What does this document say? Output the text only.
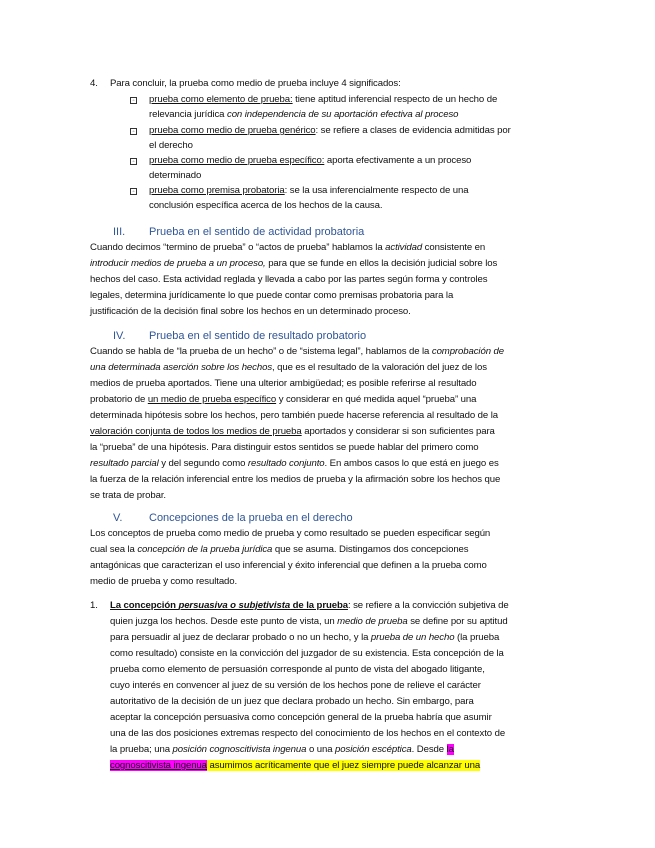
4. Para concluir, la prueba como medio de prueba incluye 4 significados:
▫ prueba como elemento de prueba: tiene aptitud inferencial respecto de un hecho de
relevancia jurídica con independencia de su aportación efectiva al proceso
▫ prueba como medio de prueba genérico: se refiere a clases de evidencia admitidas por
el derecho
▫ prueba como medio de prueba específico: aporta efectivamente a un proceso
determinado
▫ prueba como premisa probatoria: se la usa inferencialmente respecto de una
conclusión específica acerca de los hechos de la causa.
III. Prueba en el sentido de actividad probatoria
Cuando decimos “termino de prueba” o “actos de prueba” hablamos la actividad consistente en
introducir medios de prueba a un proceso, para que se funde en ellos la decisión judicial sobre los
hechos del caso. Esta actividad reglada y llevada a cabo por las partes según forma y controles
legales, determina jurídicamente lo que puede contar como premisas probatoria para la
justificación de la decisión final sobre los hechos en un determinado proceso.
IV. Prueba en el sentido de resultado probatorio
Cuando se habla de “la prueba de un hecho” o de “sistema legal”, hablamos de la comprobación de
una determinada aserción sobre los hechos, que es el resultado de la valoración del juez de los
medios de prueba aportados. Tiene una ulterior ambigüedad; es posible referirse al resultado
probatorio de un medio de prueba específico y considerar en qué medida aquel “prueba” una
determinada hipótesis sobre los hechos, pero también puede hacerse referencia al resultado de la
valoración conjunta de todos los medios de prueba aportados y considerar si son suficientes para
la “prueba” de una hipótesis. Para distinguir estos sentidos se puede hablar del primero como
resultado parcial y del segundo como resultado conjunto. En ambos casos lo que está en juego es
la fuerza de la relación inferencial entre los medios de prueba y la afirmación sobre los hechos que
se trata de probar.
V. Concepciones de la prueba en el derecho
Los conceptos de prueba como medio de prueba y como resultado se pueden especificar según
cual sea la concepción de la prueba jurídica que se asuma. Distingamos dos concepciones
antagónicas que caracterizan el uso inferencial y éxito inferencial que definen a la prueba como
medio de prueba y como resultado.
1. La concepción persuasiva o subjetivista de la prueba: se refiere a la convicción subjetiva de
quien juzga los hechos. Desde este punto de vista, un medio de prueba se define por su aptitud
para persuadir al juez de declarar probado o no un hecho, y la prueba de un hecho (la prueba
como resultado) consiste en la convicción del juzgador de su existencia. Esta concepción de la
prueba como elemento de persuasión corresponde al punto de vista del abogado litigante,
cuyo interés en convencer al juez de su versión de los hechos pone de relieve el carácter
autoritativo de la decisión de un juez que declara probado un hecho. Sin embargo, para
aceptar la concepción persuasiva como concepción general de la prueba habría que asumir
una de las dos posiciones extremas respecto del conocimiento de los hechos en el contexto de
la prueba; una posición cognoscitivista ingenua o una posición escéptica. Desde la
cognoscitivista ingenua asumimos acríticamente que el juez siempre puede alcanzar una
